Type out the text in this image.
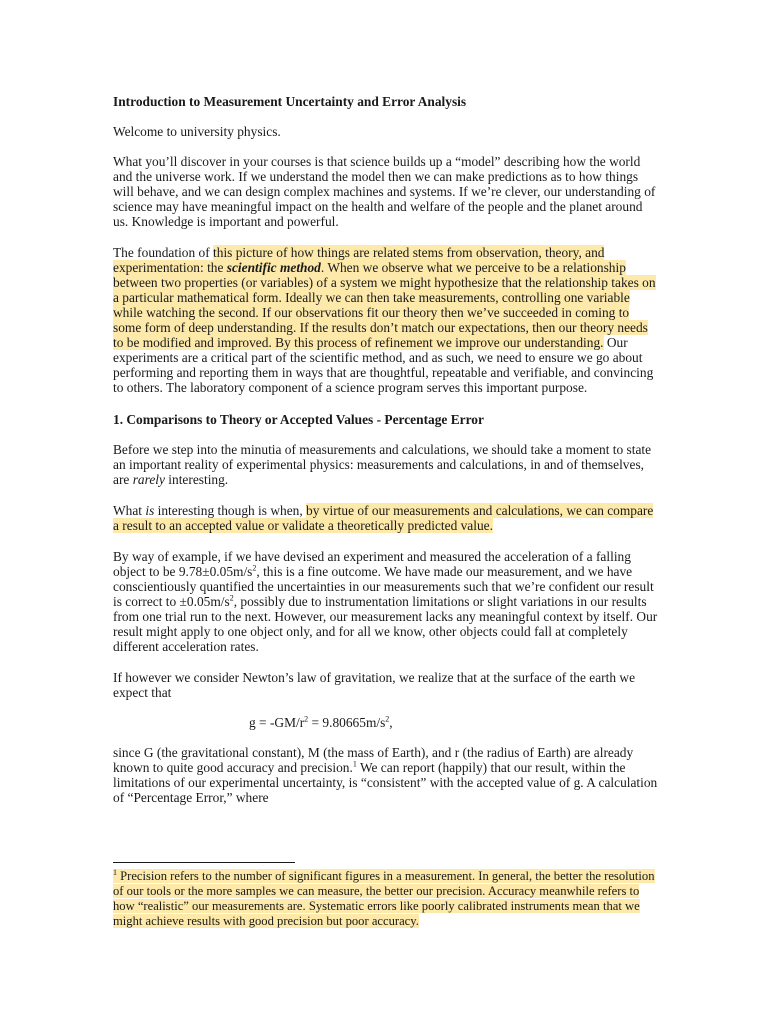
Introduction to Measurement Uncertainty and Error Analysis

Welcome to university physics.

What you’ll discover in your courses is that science builds up a “model” describing how the world and the universe work. If we understand the model then we can make predictions as to how things will behave, and we can design complex machines and systems. If we’re clever, our understanding of science may have meaningful impact on the health and welfare of the people and the planet around us. Knowledge is important and powerful.

The foundation of this picture of how things are related stems from observation, theory, and experimentation: the scientific method. When we observe what we perceive to be a relationship between two properties (or variables) of a system we might hypothesize that the relationship takes on a particular mathematical form. Ideally we can then take measurements, controlling one variable while watching the second. If our observations fit our theory then we’ve succeeded in coming to some form of deep understanding. If the results don’t match our expectations, then our theory needs to be modified and improved. By this process of refinement we improve our understanding. Our experiments are a critical part of the scientific method, and as such, we need to ensure we go about performing and reporting them in ways that are thoughtful, repeatable and verifiable, and convincing to others. The laboratory component of a science program serves this important purpose.

1. Comparisons to Theory or Accepted Values - Percentage Error

Before we step into the minutia of measurements and calculations, we should take a moment to state an important reality of experimental physics: measurements and calculations, in and of themselves, are rarely interesting.

What is interesting though is when, by virtue of our measurements and calculations, we can compare a result to an accepted value or validate a theoretically predicted value.

By way of example, if we have devised an experiment and measured the acceleration of a falling object to be $9.78\pm 0.05m/s^2$, this is a fine outcome. We have made our measurement, and we have conscientiously quantified the uncertainties in our measurements such that we’re confident our result is correct to $\pm 0.05m/s^2$, possibly due to instrumentation limitations or slight variations in our results from one trial run to the next. However, our measurement lacks any meaningful context by itself. Our result might apply to one object only, and for all we know, other objects could fall at completely different acceleration rates.

If however we consider Newton’s law of gravitation, we realize that at the surface of the earth we expect that

$g = -GM/r^2 = 9.80665m/s^2$,

since G (the gravitational constant), M (the mass of Earth), and r (the radius of Earth) are already known to quite good accuracy and precision.$^1$ We can report (happily) that our result, within the limitations of our experimental uncertainty, is “consistent” with the accepted value of g. A calculation of “Percentage Error,” where

$^1$ Precision refers to the number of significant figures in a measurement. In general, the better the resolution of our tools or the more samples we can measure, the better our precision. Accuracy meanwhile refers to how “realistic” our measurements are. Systematic errors like poorly calibrated instruments mean that we might achieve results with good precision but poor accuracy.
